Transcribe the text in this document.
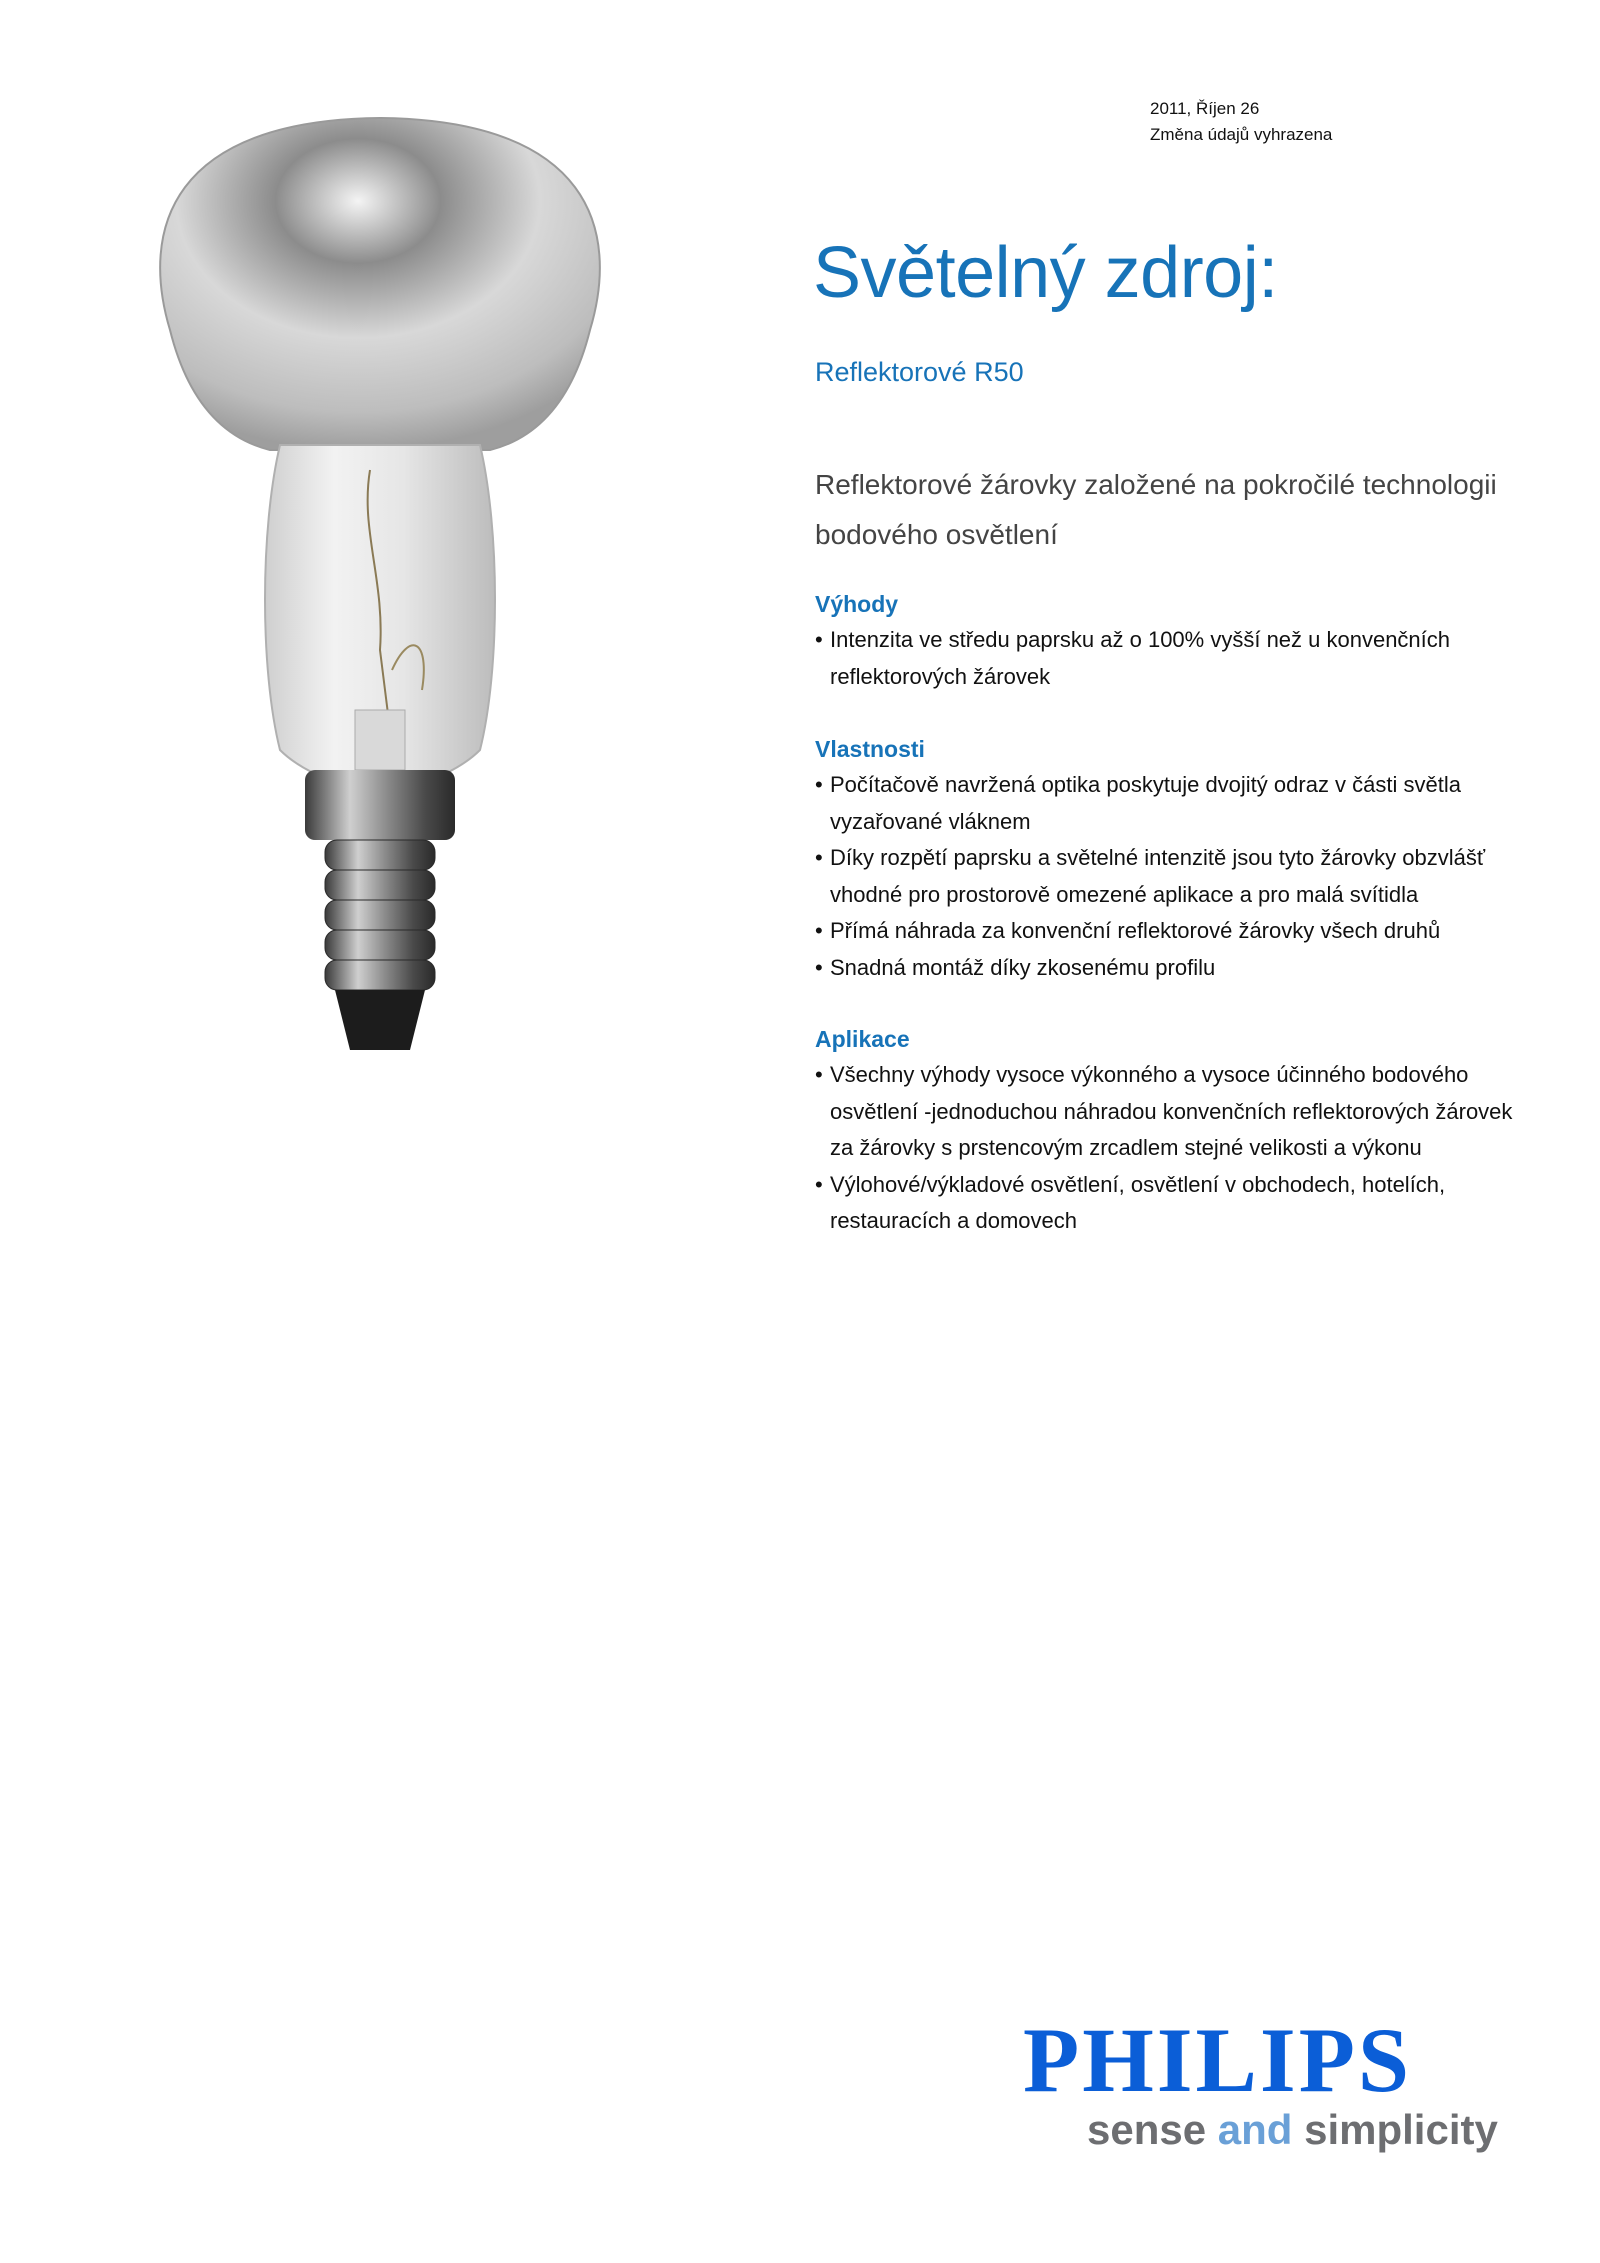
2011, Říjen 26
Změna údajů vyhrazena
Světelný zdroj:
Reflektorové R50
Reflektorové žárovky založené na pokročilé technologii bodového osvětlení
Výhody
• Intenzita ve středu paprsku až o 100% vyšší než u konvenčních reflektorových žárovek
Vlastnosti
• Počítačově navržená optika poskytuje dvojitý odraz v části světla vyzařované vláknem
• Díky rozpětí paprsku a světelné intenzitě jsou tyto žárovky obzvlášť vhodné pro prostorově omezené aplikace a pro malá svítidla
• Přímá náhrada za konvenční reflektorové žárovky všech druhů
• Snadná montáž díky zkosenému profilu
Aplikace
• Všechny výhody vysoce výkonného a vysoce účinného bodového osvětlení -jednoduchou náhradou konvenčních reflektorových žárovek za žárovky s prstencovým zrcadlem stejné velikosti a výkonu
• Výlohové/výkladové osvětlení, osvětlení v obchodech, hotelích, restauracích a domovech
PHILIPS
sense and simplicity
